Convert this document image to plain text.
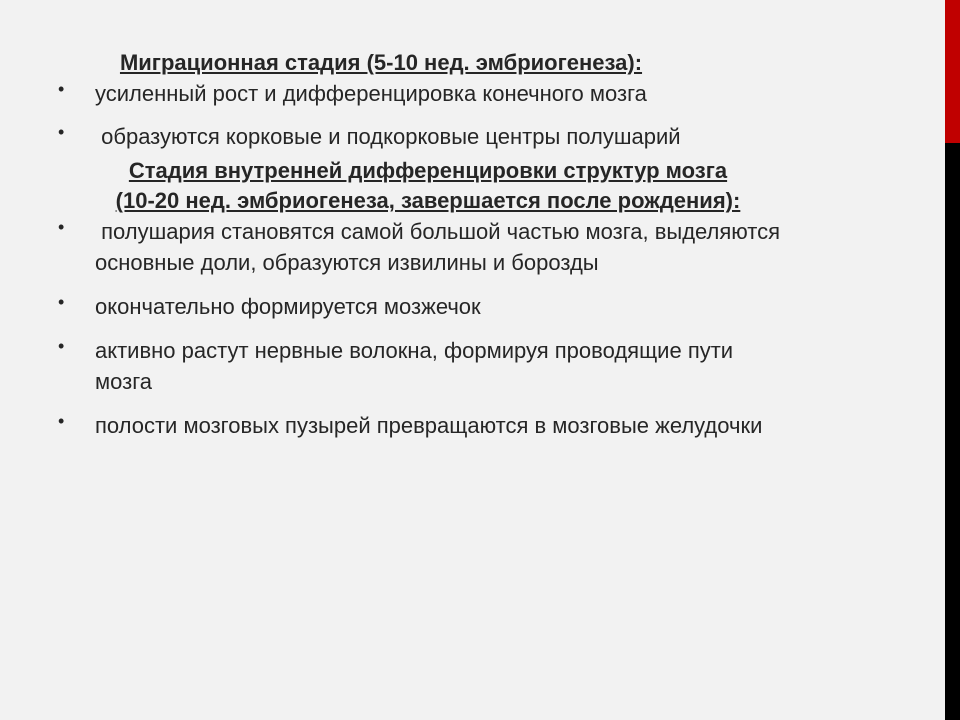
Миграционная стадия (5-10 нед. эмбриогенеза):

• усиленный рост и дифференцировка конечного мозга
• образуются корковые и подкорковые центры полушарий
Стадия внутренней дифференцировки структур мозга
(10-20 нед. эмбриогенеза, завершается после рождения):
• полушария становятся самой большой частью мозга, выделяются основные доли, образуются извилины и борозды
• окончательно формируется мозжечок
• активно растут нервные волокна, формируя проводящие пути мозга
• полости мозговых пузырей превращаются в мозговые желудочки
